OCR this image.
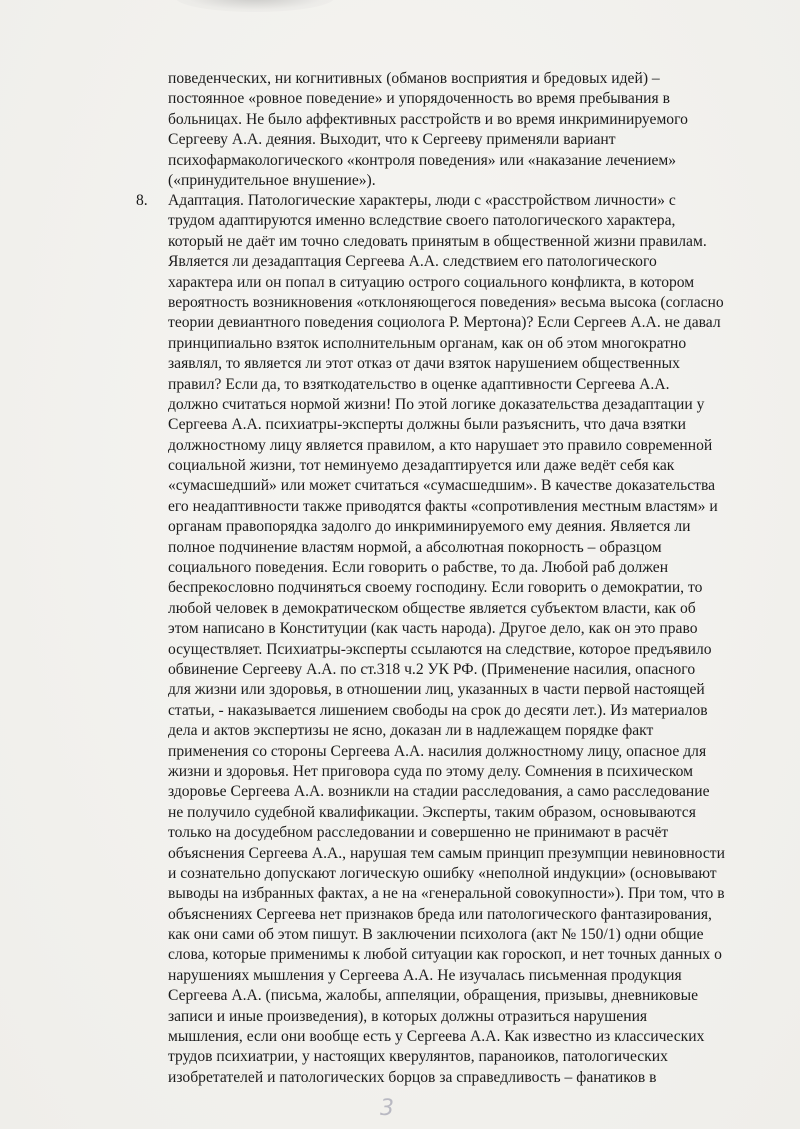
поведенческих, ни когнитивных (обманов восприятия и бредовых идей) –
постоянное «ровное поведение» и упорядоченность во время пребывания в
больницах. Не было аффективных расстройств и во время инкриминируемого
Сергееву А.А. деяния. Выходит, что к Сергееву применяли вариант
психофармакологического «контроля поведения» или «наказание лечением»
(«принудительное внушение»).
8. Адаптация. Патологические характеры, люди с «расстройством личности» с
трудом адаптируются именно вследствие своего патологического характера,
который не даёт им точно следовать принятым в общественной жизни правилам.
Является ли дезадаптация Сергеева А.А. следствием его патологического
характера или он попал в ситуацию острого социального конфликта, в котором
вероятность возникновения «отклоняющегося поведения» весьма высока (согласно
теории девиантного поведения социолога Р. Мертона)? Если Сергеев А.А. не давал
принципиально взяток исполнительным органам, как он об этом многократно
заявлял, то является ли этот отказ от дачи взяток нарушением общественных
правил? Если да, то взяткодательство в оценке адаптивности Сергеева А.А.
должно считаться нормой жизни! По этой логике доказательства дезадаптации у
Сергеева А.А. психиатры-эксперты должны были разъяснить, что дача взятки
должностному лицу является правилом, а кто нарушает это правило современной
социальной жизни, тот неминуемо дезадаптируется или даже ведёт себя как
«сумасшедший» или может считаться «сумасшедшим». В качестве доказательства
его неадаптивности также приводятся факты «сопротивления местным властям» и
органам правопорядка задолго до инкриминируемого ему деяния. Является ли
полное подчинение властям нормой, а абсолютная покорность – образцом
социального поведения. Если говорить о рабстве, то да. Любой раб должен
беспрекословно подчиняться своему господину. Если говорить о демократии, то
любой человек в демократическом обществе является субъектом власти, как об
этом написано в Конституции (как часть народа). Другое дело, как он это право
осуществляет. Психиатры-эксперты ссылаются на следствие, которое предъявило
обвинение Сергееву А.А. по ст.318 ч.2 УК РФ. (Применение насилия, опасного
для жизни или здоровья, в отношении лиц, указанных в части первой настоящей
статьи, - наказывается лишением свободы на срок до десяти лет.). Из материалов
дела и актов экспертизы не ясно, доказан ли в надлежащем порядке факт
применения со стороны Сергеева А.А. насилия должностному лицу, опасное для
жизни и здоровья. Нет приговора суда по этому делу. Сомнения в психическом
здоровье Сергеева А.А. возникли на стадии расследования, а само расследование
не получило судебной квалификации. Эксперты, таким образом, основываются
только на досудебном расследовании и совершенно не принимают в расчёт
объяснения Сергеева А.А., нарушая тем самым принцип презумпции невиновности
и сознательно допускают логическую ошибку «неполной индукции» (основывают
выводы на избранных фактах, а не на «генеральной совокупности»). При том, что в
объяснениях Сергеева нет признаков бреда или патологического фантазирования,
как они сами об этом пишут. В заключении психолога (акт № 150/1) одни общие
слова, которые применимы к любой ситуации как гороскоп, и нет точных данных о
нарушениях мышления у Сергеева А.А. Не изучалась письменная продукция
Сергеева А.А. (письма, жалобы, аппеляции, обращения, призывы, дневниковые
записи и иные произведения), в которых должны отразиться нарушения
мышления, если они вообще есть у Сергеева А.А. Как известно из классических
трудов психиатрии, у настоящих кверулянтов, параноиков, патологических
изобретателей и патологических борцов за справедливость – фанатиков в
3
